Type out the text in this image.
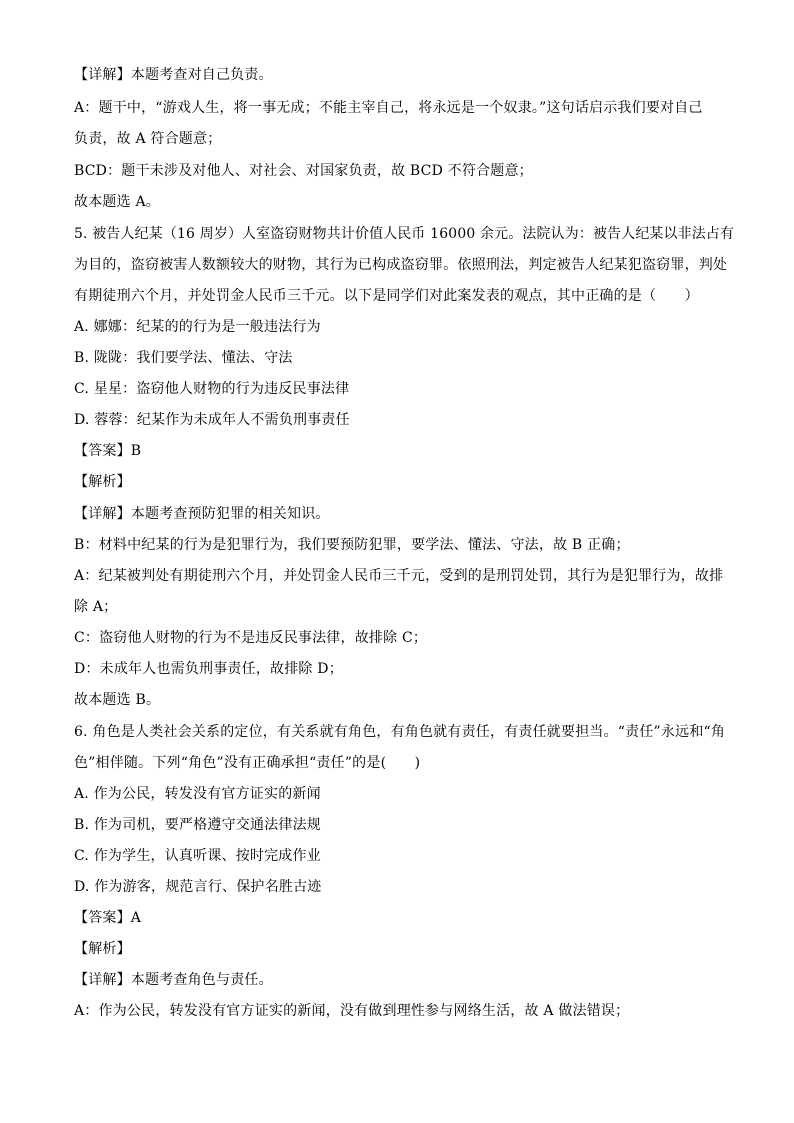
【详解】本题考查对自己负责。
A：题干中，“游戏人生，将一事无成；不能主宰自己，将永远是一个奴隶。”这句话启示我们要对自己
负责，故 A 符合题意；
BCD：题干未涉及对他人、对社会、对国家负责，故 BCD 不符合题意；
故本题选 A。
5. 被告人纪某（16 周岁）人室盗窃财物共计价值人民币 16000 余元。法院认为：被告人纪某以非法占有
为目的，盗窃被害人数额较大的财物，其行为已构成盗窃罪。依照刑法，判定被告人纪某犯盗窃罪，判处
有期徒刑六个月，并处罚金人民币三千元。以下是同学们对此案发表的观点，其中正确的是（　　）
A. 娜娜：纪某的的行为是一般违法行为
B. 陇陇：我们要学法、懂法、守法
C. 星星：盗窃他人财物的行为违反民事法律
D. 蓉蓉：纪某作为未成年人不需负刑事责任
【答案】B
【解析】
【详解】本题考查预防犯罪的相关知识。
B：材料中纪某的行为是犯罪行为，我们要预防犯罪，要学法、懂法、守法，故 B 正确；
A：纪某被判处有期徒刑六个月，并处罚金人民币三千元，受到的是刑罚处罚，其行为是犯罪行为，故排
除 A；
C：盗窃他人财物的行为不是违反民事法律，故排除 C；
D：未成年人也需负刑事责任，故排除 D；
故本题选 B。
6. 角色是人类社会关系的定位，有关系就有角色，有角色就有责任，有责任就要担当。“责任”永远和“角
色”相伴随。下列“角色”没有正确承担“责任”的是(　　)
A. 作为公民，转发没有官方证实的新闻
B. 作为司机，要严格遵守交通法律法规
C. 作为学生，认真听课、按时完成作业
D. 作为游客，规范言行、保护名胜古迹
【答案】A
【解析】
【详解】本题考查角色与责任。
A：作为公民，转发没有官方证实的新闻，没有做到理性参与网络生活，故 A 做法错误；
